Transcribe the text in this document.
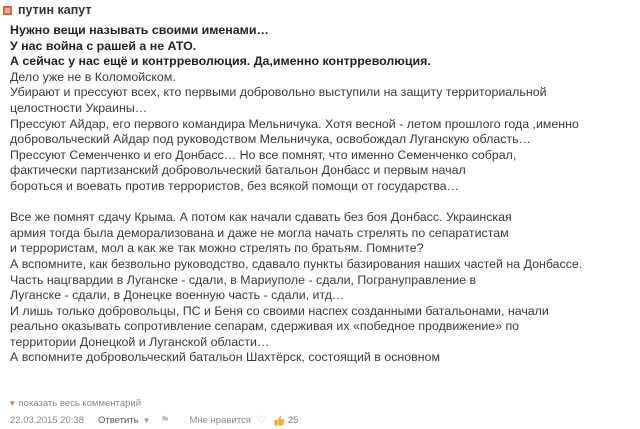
путин капут
Нужно вещи называть своими именами…
У нас война с рашей а не АТО.
А сейчас у нас ещё и контрреволюция. Да,именно контрреволюция.
Дело уже не в Коломойском.
Убирают и прессуют всех, кто первыми добровольно выступили на защиту территориальной
целостности Украины…
Прессуют Айдар, его первого командира Мельничука. Хотя весной - летом прошлого года ,именно
добровольческий Айдар под руководством Мельничука, освобождал Луганскую область…
Прессуют Семенченко и его Донбасс… Но все помнят, что именно Семенченко собрал,
фактически партизанский добровольческий батальон Донбасс и первым начал
бороться и воевать против террористов, без всякой помощи от государства…
Все же помнят сдачу Крыма. А потом как начали сдавать без боя Донбасс. Украинская
армия тогда была деморализована и даже не могла начать стрелять по сепаратистам
и террористам, мол а как же так можно стрелять по братьям. Помните?
А вспомните, как безвольно руководство, сдавало пункты базирования наших частей на Донбассе.
Часть нацгвардии в Луганске - сдали, в Мариуполе - сдали, Погрануправление в
Луганске - сдали, в Донецке военную часть - сдали, итд…
И лишь только добровольцы, ПС и Беня со своими наспех созданными батальонами, начали
реально оказывать сопротивление сепарам, сдерживая их «победное продвижение» по
территории Донецкой и Луганской области…
А вспомните добровольческий батальон Шахтёрск, состоящий в основном
▾ показать весь комментарий
22.03.2015 20:38 Ответить ▼ ⚑ Мне нравится ♡ 25
